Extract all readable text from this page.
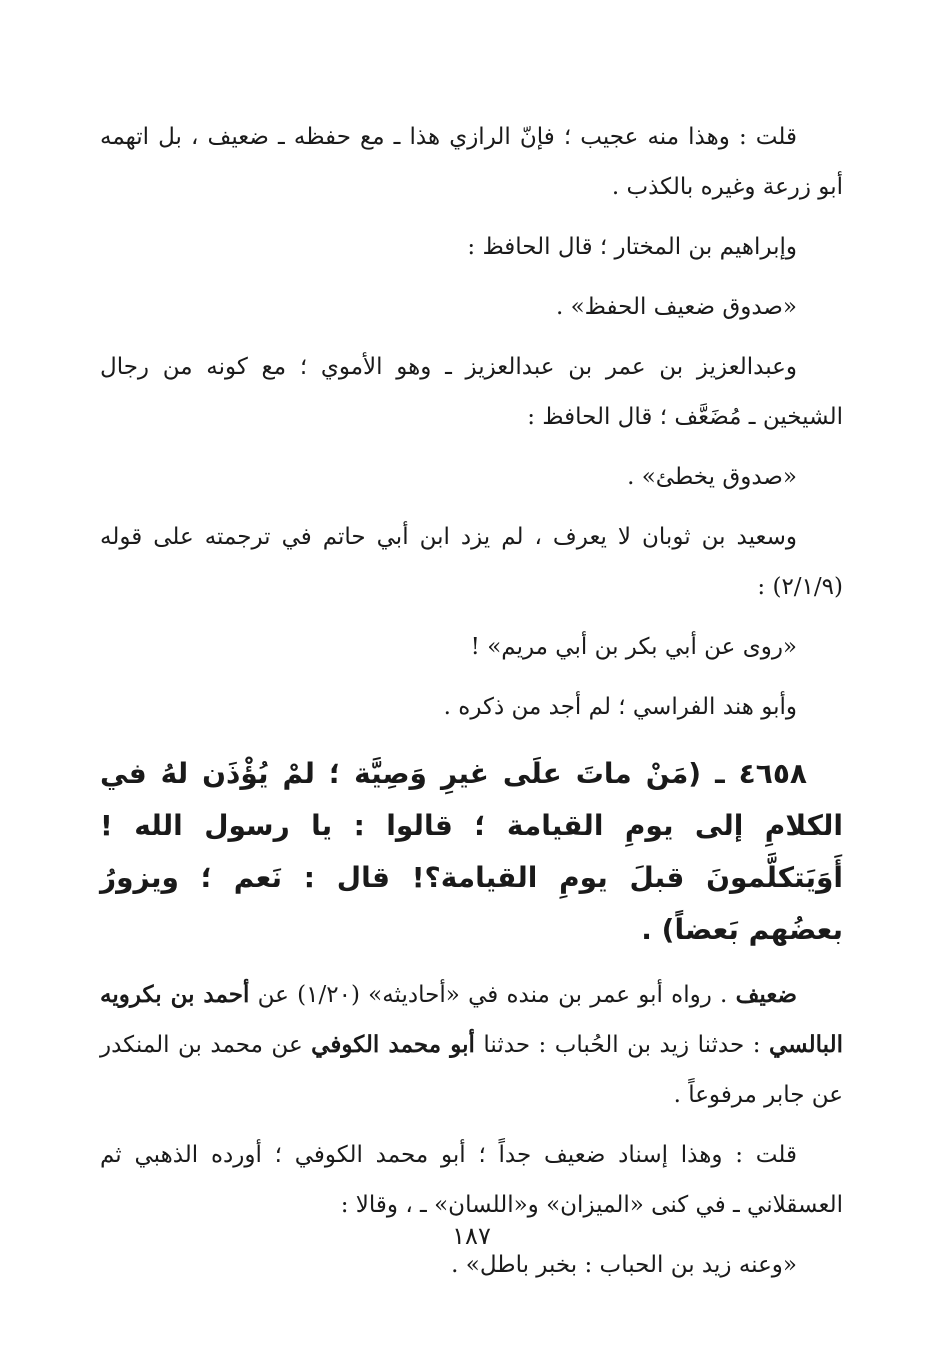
قلت : وهذا منه عجيب ؛ فإنّ الرازي هذا ـ مع حفظه ـ ضعيف ، بل اتهمه أبو زرعة وغيره بالكذب .

وإبراهيم بن المختار ؛ قال الحافظ :

«صدوق ضعيف الحفظ» .

وعبدالعزيز بن عمر بن عبدالعزيز ـ وهو الأموي ؛ مع كونه من رجال الشيخين ـ مُضَعَّف ؛ قال الحافظ :

«صدوق يخطئ» .

وسعيد بن ثوبان لا يعرف ، لم يزد ابن أبي حاتم في ترجمته على قوله (٢/١/٩) :

«روى عن أبي بكر بن أبي مريم» !

وأبو هند الفراسي ؛ لم أجد من ذكره .

٤٦٥٨ ـ (مَنْ ماتَ علَى غيرِ وَصِيَّة ؛ لمْ يُؤْذَن لهُ في الكلامِ إلى يومِ القيامة ؛ قالوا : يا رسول الله ! أَوَيَتكلَّمونَ قبلَ يومِ القيامة؟! قال : نَعم ؛ ويزورُ بعضُهم بَعضاً) .

ضعيف . رواه أبو عمر بن منده في «أحاديثه» (١/٢٠) عن أحمد بن بكرويه البالسي : حدثنا زيد بن الحُباب : حدثنا أبو محمد الكوفي عن محمد بن المنكدر عن جابر مرفوعاً .

قلت : وهذا إسناد ضعيف جداً ؛ أبو محمد الكوفي ؛ أورده الذهبي ثم العسقلاني ـ في كنى «الميزان» و«اللسان» ـ ، وقالا :

«وعنه زيد بن الحباب : بخبر باطل» .

١٨٧
